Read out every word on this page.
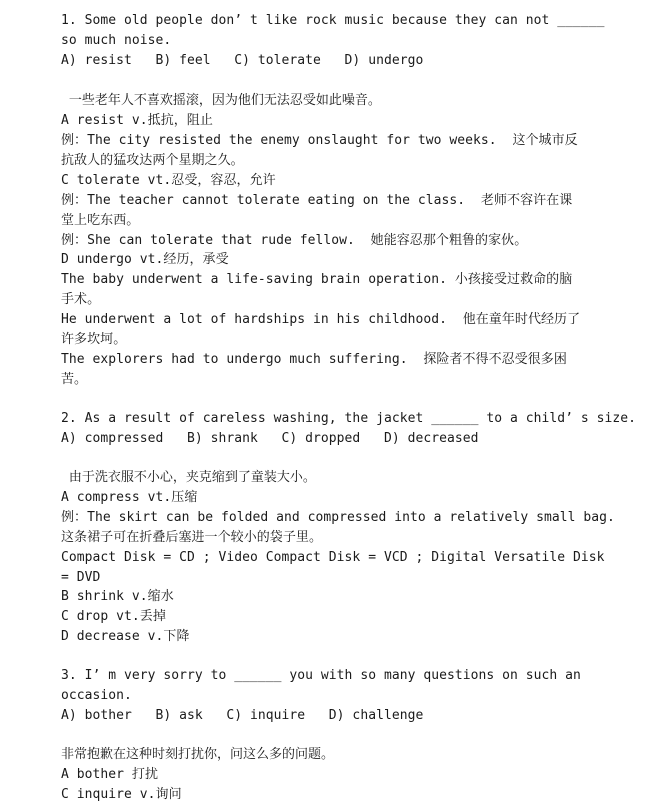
1. Some old people don’ t like rock music because they can not ______
so much noise.
A) resist   B) feel   C) tolerate   D) undergo
一些老年人不喜欢摇滚，因为他们无法忍受如此噪音。
A resist v.抵抗，阻止
例：The city resisted the enemy onslaught for two weeks.  这个城市反
抗敌人的猛攻达两个星期之久。
C tolerate vt.忍受，容忍，允许
例：The teacher cannot tolerate eating on the class.  老师不容许在课
堂上吃东西。
例：She can tolerate that rude fellow.  她能容忍那个粗鲁的家伙。
D undergo vt.经历，承受
The baby underwent a life-saving brain operation. 小孩接受过救命的脑
手术。
He underwent a lot of hardships in his childhood.  他在童年时代经历了
许多坎坷。
The explorers had to undergo much suffering.  探险者不得不忍受很多困
苦。
2. As a result of careless washing, the jacket ______ to a child’ s size.
A) compressed   B) shrank   C) dropped   D) decreased
由于洗衣服不小心，夹克缩到了童装大小。
A compress vt.压缩
例：The skirt can be folded and compressed into a relatively small bag.
这条裙子可在折叠后塞进一个较小的袋子里。
Compact Disk = CD ; Video Compact Disk = VCD ; Digital Versatile Disk
= DVD
B shrink v.缩水
C drop vt.丢掉
D decrease v.下降
3. I’ m very sorry to ______ you with so many questions on such an
occasion.
A) bother   B) ask   C) inquire   D) challenge
非常抱歉在这种时刻打扰你，问这么多的问题。
A bother 打扰
C inquire v.询问
